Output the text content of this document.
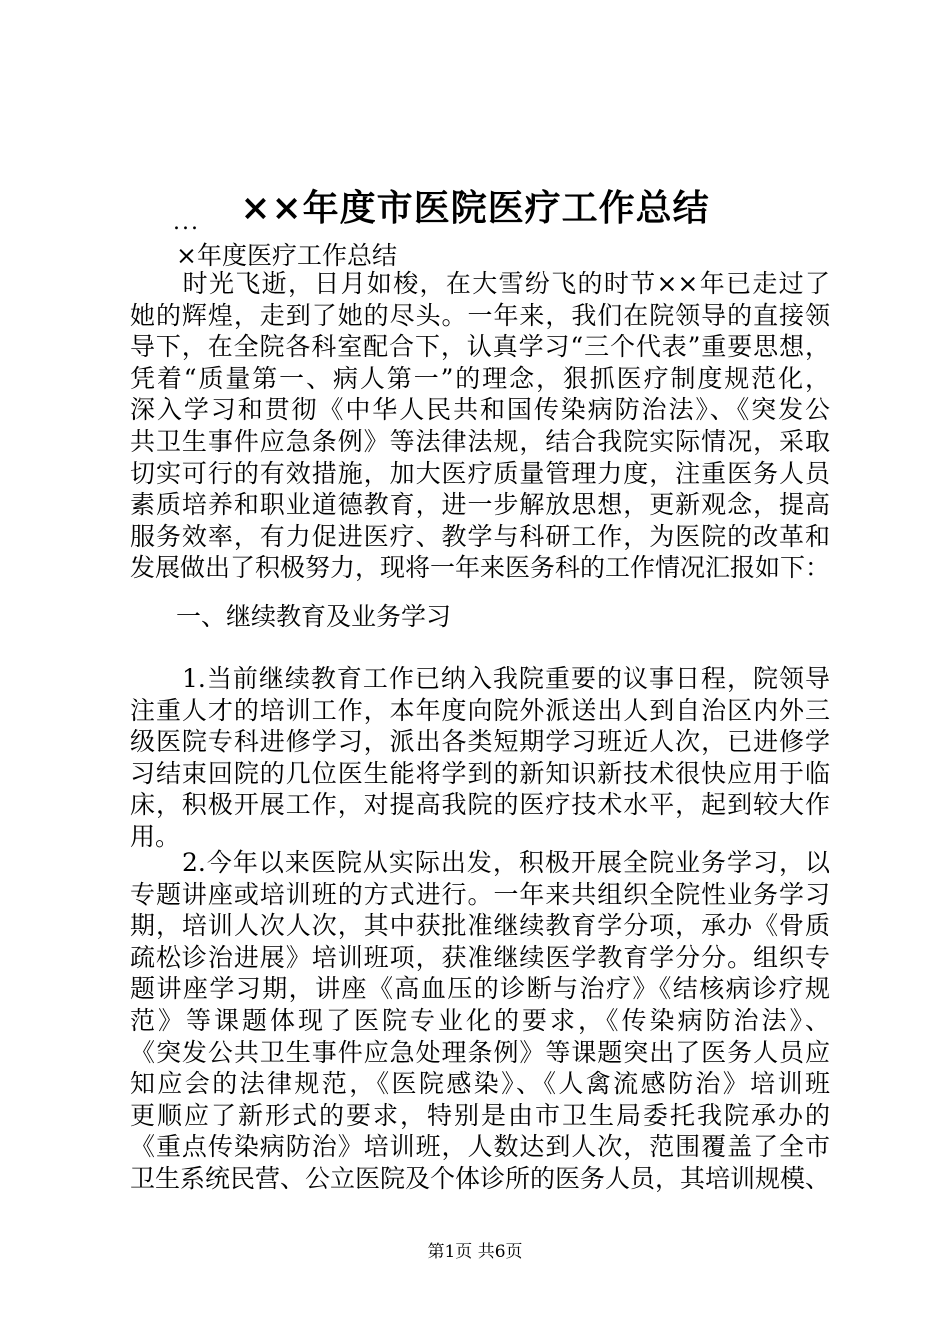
××年度市医院医疗工作总结
...
×年度医疗工作总结
　　时光飞逝，日月如梭，在大雪纷飞的时节××年已走过了
她的辉煌，走到了她的尽头。一年来，我们在院领导的直接领
导下，在全院各科室配合下，认真学习“三个代表”重要思想，
凭着“质量第一、病人第一”的理念，狠抓医疗制度规范化，
深入学习和贯彻《中华人民共和国传染病防治法》、《突发公
共卫生事件应急条例》等法律法规，结合我院实际情况，采取
切实可行的有效措施，加大医疗质量管理力度，注重医务人员
素质培养和职业道德教育，进一步解放思想，更新观念，提高
服务效率，有力促进医疗、教学与科研工作，为医院的改革和
发展做出了积极努力，现将一年来医务科的工作情况汇报如下：
一、继续教育及业务学习
　　1.当前继续教育工作已纳入我院重要的议事日程，院领导
注重人才的培训工作，本年度向院外派送出人到自治区内外三
级医院专科进修学习，派出各类短期学习班近人次，已进修学
习结束回院的几位医生能将学到的新知识新技术很快应用于临
床，积极开展工作，对提高我院的医疗技术水平，起到较大作
用。
　　2.今年以来医院从实际出发，积极开展全院业务学习，以
专题讲座或培训班的方式进行。一年来共组织全院性业务学习
期，培训人次人次，其中获批准继续教育学分项，承办《骨质
疏松诊治进展》培训班项，获准继续医学教育学分分。组织专
题讲座学习期，讲座《高血压的诊断与治疗》《结核病诊疗规
范》等课题体现了医院专业化的要求，《传染病防治法》、
《突发公共卫生事件应急处理条例》等课题突出了医务人员应
知应会的法律规范，《医院感染》、《人禽流感防治》培训班
更顺应了新形式的要求，特别是由市卫生局委托我院承办的
《重点传染病防治》培训班，人数达到人次，范围覆盖了全市
卫生系统民营、公立医院及个体诊所的医务人员，其培训规模、
第1页 共6页
